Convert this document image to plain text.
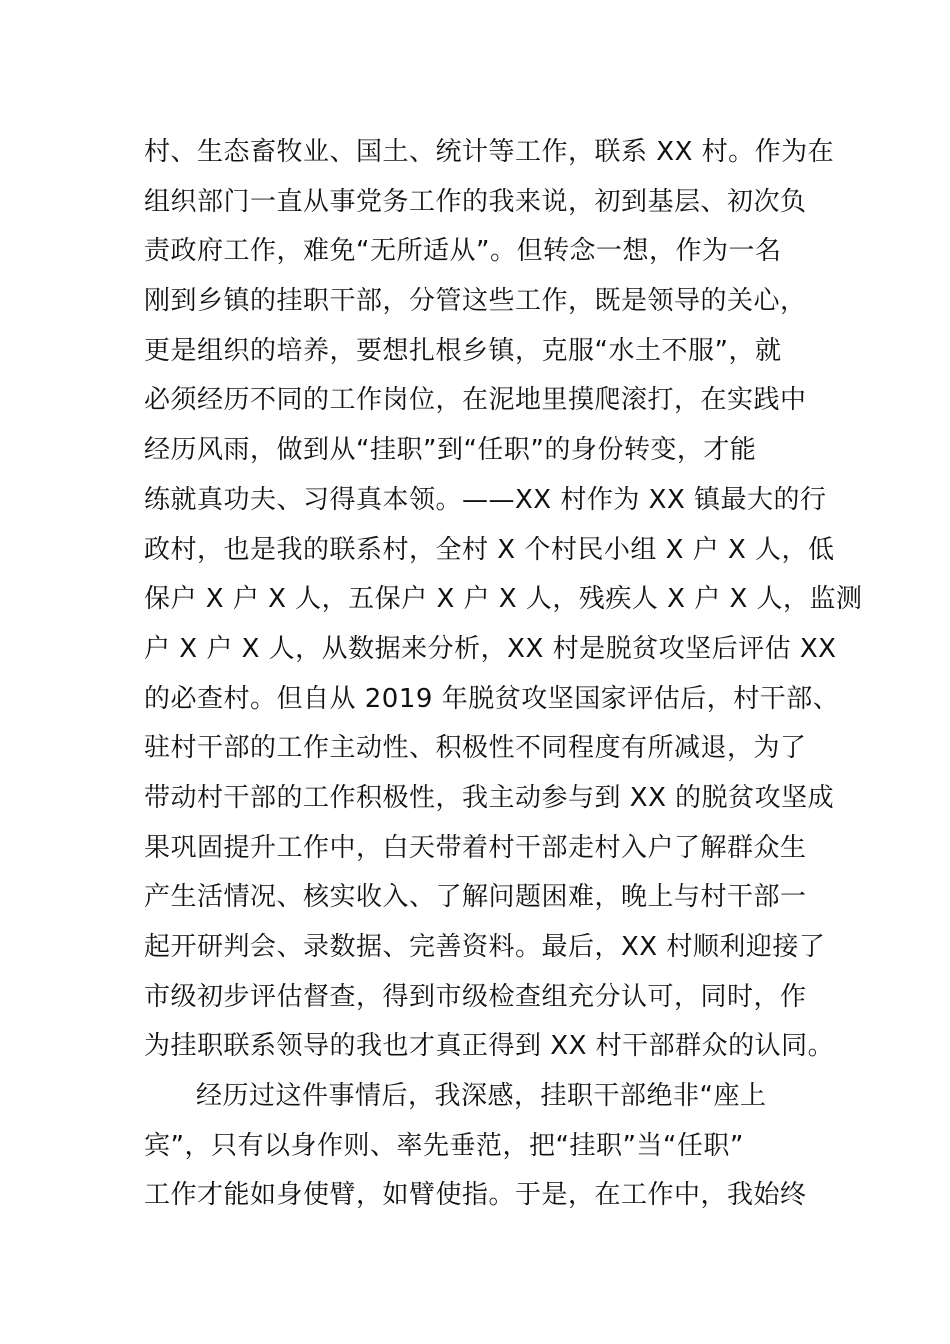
村、生态畜牧业、国土、统计等工作，联系 XX 村。作为在
组织部门一直从事党务工作的我来说，初到基层、初次负
责政府工作，难免“无所适从”。但转念一想，作为一名
刚到乡镇的挂职干部，分管这些工作，既是领导的关心，
更是组织的培养，要想扎根乡镇，克服“水土不服”，就
必须经历不同的工作岗位，在泥地里摸爬滚打，在实践中
经历风雨，做到从“挂职”到“任职”的身份转变，才能
练就真功夫、习得真本领。——XX 村作为 XX 镇最大的行
政村，也是我的联系村，全村 X 个村民小组 X 户 X 人，低
保户 X 户 X 人，五保户 X 户 X 人，残疾人 X 户 X 人，监测
户 X 户 X 人，从数据来分析，XX 村是脱贫攻坚后评估 XX
的必查村。但自从 2019 年脱贫攻坚国家评估后，村干部、
驻村干部的工作主动性、积极性不同程度有所减退，为了
带动村干部的工作积极性，我主动参与到 XX 的脱贫攻坚成
果巩固提升工作中，白天带着村干部走村入户了解群众生
产生活情况、核实收入、了解问题困难，晚上与村干部一
起开研判会、录数据、完善资料。最后，XX 村顺利迎接了
市级初步评估督查，得到市级检查组充分认可，同时，作
为挂职联系领导的我也才真正得到 XX 村干部群众的认同。
经历过这件事情后，我深感，挂职干部绝非“座上
宾”，只有以身作则、率先垂范，把“挂职”当“任职”
工作才能如身使臂，如臂使指。于是，在工作中，我始终
